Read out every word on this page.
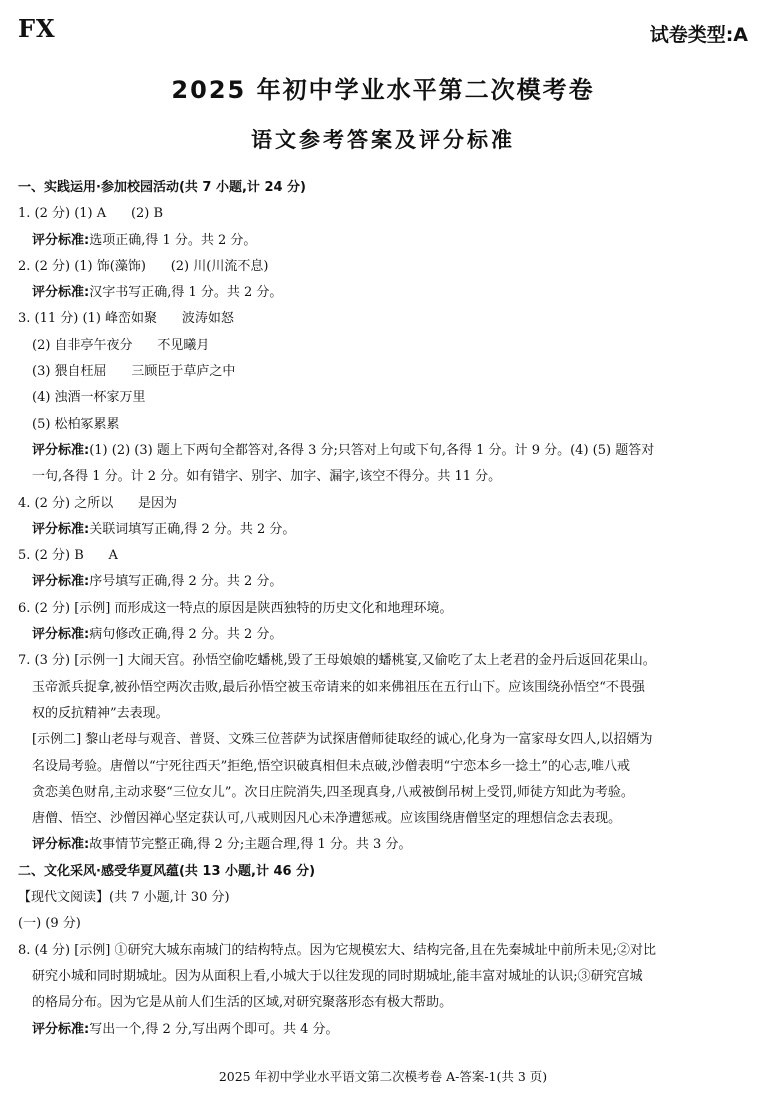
FX	试卷类型:A
2025 年初中学业水平第二次模考卷
语文参考答案及评分标准
一、实践运用·参加校园活动(共 7 小题,计 24 分)
1. (2 分) (1) A      (2) B
评分标准:选项正确,得 1 分。共 2 分。
2. (2 分) (1) 饰(藻饰)      (2) 川(川流不息)
评分标准:汉字书写正确,得 1 分。共 2 分。
3. (11 分) (1) 峰峦如聚      波涛如怒
(2) 自非亭午夜分      不见曦月
(3) 猥自枉屈      三顾臣于草庐之中
(4) 浊酒一杯家万里
(5) 松柏冢累累
评分标准:(1) (2) (3) 题上下两句全都答对,各得 3 分;只答对上句或下句,各得 1 分。计 9 分。(4) (5) 题答对
一句,各得 1 分。计 2 分。如有错字、别字、加字、漏字,该空不得分。共 11 分。
4. (2 分) 之所以      是因为
评分标准:关联词填写正确,得 2 分。共 2 分。
5. (2 分) B      A
评分标准:序号填写正确,得 2 分。共 2 分。
6. (2 分) [示例] 而形成这一特点的原因是陕西独特的历史文化和地理环境。
评分标准:病句修改正确,得 2 分。共 2 分。
7. (3 分) [示例一] 大闹天宫。孙悟空偷吃蟠桃,毁了王母娘娘的蟠桃宴,又偷吃了太上老君的金丹后返回花果山。
玉帝派兵捉拿,被孙悟空两次击败,最后孙悟空被玉帝请来的如来佛祖压在五行山下。应该围绕孙悟空“不畏强
权的反抗精神”去表现。
[示例二] 黎山老母与观音、普贤、文殊三位菩萨为试探唐僧师徒取经的诚心,化身为一富家母女四人,以招婿为
名设局考验。唐僧以“宁死往西天”拒绝,悟空识破真相但未点破,沙僧表明“宁恋本乡一捻土”的心志,唯八戒
贪恋美色财帛,主动求娶“三位女儿”。次日庄院消失,四圣现真身,八戒被倒吊树上受罚,师徒方知此为考验。
唐僧、悟空、沙僧因禅心坚定获认可,八戒则因凡心未净遭惩戒。应该围绕唐僧坚定的理想信念去表现。
评分标准:故事情节完整正确,得 2 分;主题合理,得 1 分。共 3 分。
二、文化采风·感受华夏风蕴(共 13 小题,计 46 分)
【现代文阅读】(共 7 小题,计 30 分)
(一) (9 分)
8. (4 分) [示例] ①研究大城东南城门的结构特点。因为它规模宏大、结构完备,且在先秦城址中前所未见;②对比
研究小城和同时期城址。因为从面积上看,小城大于以往发现的同时期城址,能丰富对城址的认识;③研究宫城
的格局分布。因为它是从前人们生活的区域,对研究聚落形态有极大帮助。
评分标准:写出一个,得 2 分,写出两个即可。共 4 分。
2025 年初中学业水平语文第二次模考卷 A-答案-1(共 3 页)
